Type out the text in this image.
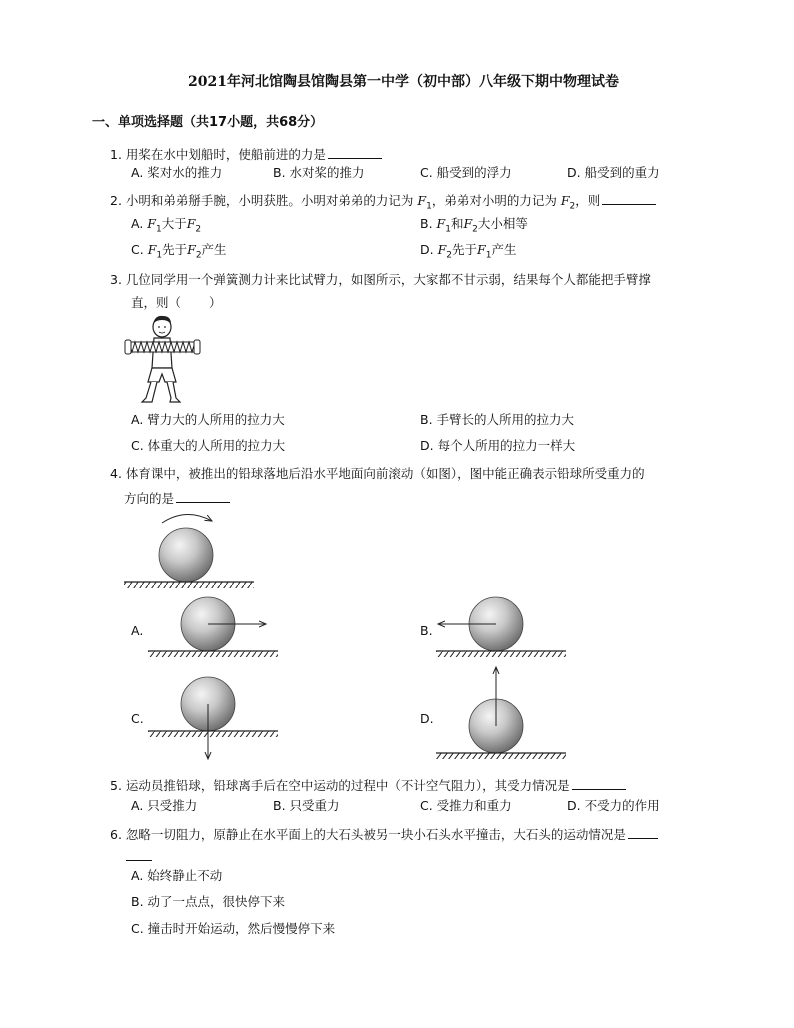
2021年河北馆陶县馆陶县第一中学（初中部）八年级下期中物理试卷
一、单项选择题（共17小题，共68分）
1. 用桨在水中划船时，使船前进的力是
A. 桨对水的推力	B. 水对桨的推力	C. 船受到的浮力	D. 船受到的重力
2. 小明和弟弟掰手腕，小明获胜。小明对弟弟的力记为 $F_1$，弟弟对小明的力记为 $F_2$，则
A. $F_1$大于$F_2$	B. $F_1$和$F_2$大小相等
C. $F_1$先于$F_2$产生	D. $F_2$先于$F_1$产生
3. 几位同学用一个弹簧测力计来比试臂力，如图所示，大家都不甘示弱，结果每个人都能把手臂撑
直，则（ ）
A. 臂力大的人所用的拉力大	B. 手臂长的人所用的拉力大
C. 体重大的人所用的拉力大	D. 每个人所用的拉力一样大
4. 体育课中，被推出的铅球落地后沿水平地面向前滚动（如图），图中能正确表示铅球所受重力的
方向的是
A.	B.
C.	D.
5. 运动员推铅球，铅球离手后在空中运动的过程中（不计空气阻力），其受力情况是
A. 只受推力	B. 只受重力	C. 受推力和重力	D. 不受力的作用
6. 忽略一切阻力，原静止在水平面上的大石头被另一块小石头水平撞击，大石头的运动情况是
A. 始终静止不动
B. 动了一点点，很快停下来
C. 撞击时开始运动，然后慢慢停下来
